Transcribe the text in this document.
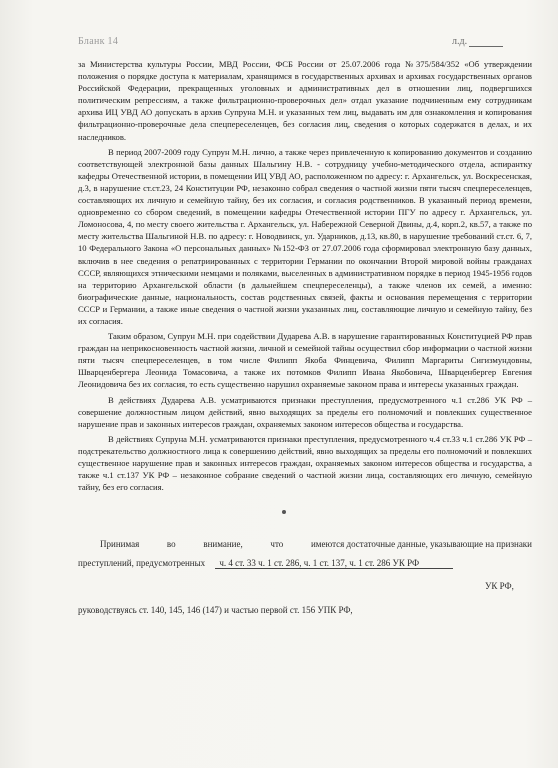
Бланк 14	л.д.

за Министерства культуры России, МВД России, ФСБ России от 25.07.2006 года №375/584/352 «Об утверждении положения о порядке доступа к материалам, хранящимся в государственных архивах и архивах государственных органов Российской Федерации, прекращенных уголовных и административных дел в отношении лиц, подвергшихся политическим репрессиям, а также фильтрационно-проверочных дел» отдал указание подчиненным ему сотрудникам архива ИЦ УВД АО допускать в архив Супруна М.Н. и указанных тем лиц, выдавать им для ознакомления и копирования фильтрационно-проверочные дела спецпереселенцев, без согласия лиц, сведения о которых содержатся в делах, и их наследников.

В период 2007-2009 году Супрун М.Н. лично, а также через привлеченную к копированию документов и созданию соответствующей электронной базы данных Шальгину Н.В. - сотрудницу учебно-методического отдела, аспирантку кафедры Отечественной истории, в помещении ИЦ УВД АО, расположенном по адресу: г. Архангельск, ул. Воскресенская, д.3, в нарушение ст.ст.23, 24 Конституции РФ, незаконно собрал сведения о частной жизни пяти тысяч спецпереселенцев, составляющих их личную и семейную тайну, без их согласия, и согласия родственников. В указанный период времени, одновременно со сбором сведений, в помещении кафедры Отечественной истории ПГУ по адресу г. Архангельск, ул. Ломоносова, 4, по месту своего жительства г. Архангельск, ул. Набережной Северной Двины, д.4, корп.2, кв.57, а также по месту жительства Шальгиной Н.В. по адресу: г. Новодвинск, ул. Ударников, д.13, кв.80, в нарушение требований ст.ст. 6, 7, 10 Федерального Закона «О персональных данных» №152-ФЗ от 27.07.2006 года сформировал электронную базу данных, включив в нее сведения о репатриированных с территории Германии по окончании Второй мировой войны гражданах СССР, являющихся этническими немцами и поляками, выселенных в административном порядке в период 1945-1956 годов на территорию Архангельской области (в дальнейшем спецпереселенцы), а также членов их семей, а именно: биографические данные, национальность, состав родственных связей, факты и основания перемещения с территории СССР и Германии, а также иные сведения о частной жизни указанных лиц, составляющие личную и семейную тайну, без их согласия.

Таким образом, Супрун М.Н. при содействии Дударева А.В. в нарушение гарантированных Конституцией РФ прав граждан на неприкосновенность частной жизни, личной и семейной тайны осуществил сбор информации о частной жизни пяти тысяч спецпереселенцев, в том числе Филипп Якоба Финцевича, Филипп Маргариты Сигизмундовны, Шварценбергера Леонида Томасовича, а также их потомков Филипп Ивана Якобовича, Шварценбергер Евгения Леонидовича без их согласия, то есть существенно нарушил охраняемые законом права и интересы указанных граждан.

В действиях Дударева А.В. усматриваются признаки преступления, предусмотренного ч.1 ст.286 УК РФ – совершение должностным лицом действий, явно выходящих за пределы его полномочий и повлекших существенное нарушение прав и законных интересов граждан, охраняемых законом интересов общества и государства.

В действиях Супруна М.Н. усматриваются признаки преступления, предусмотренного ч.4 ст.33 ч.1 ст.286 УК РФ – подстрекательство должностного лица к совершению действий, явно выходящих за пределы его полномочий и повлекших существенное нарушение прав и законных интересов граждан, охраняемых законом интересов общества и государства, а также ч.1 ст.137 УК РФ – незаконное собрание сведений о частной жизни лица, составляющих его личную, семейную тайну, без его согласия.

Принимая	во	внимание,	что	имеются достаточные данные, указывающие на признаки
преступлений, предусмотренных ч. 4 ст. 33 ч. 1 ст. 286, ч. 1 ст. 137, ч. 1 ст. 286 УК РФ
УК РФ,
руководствуясь ст. 140, 145, 146 (147) и частью первой ст. 156 УПК РФ,
